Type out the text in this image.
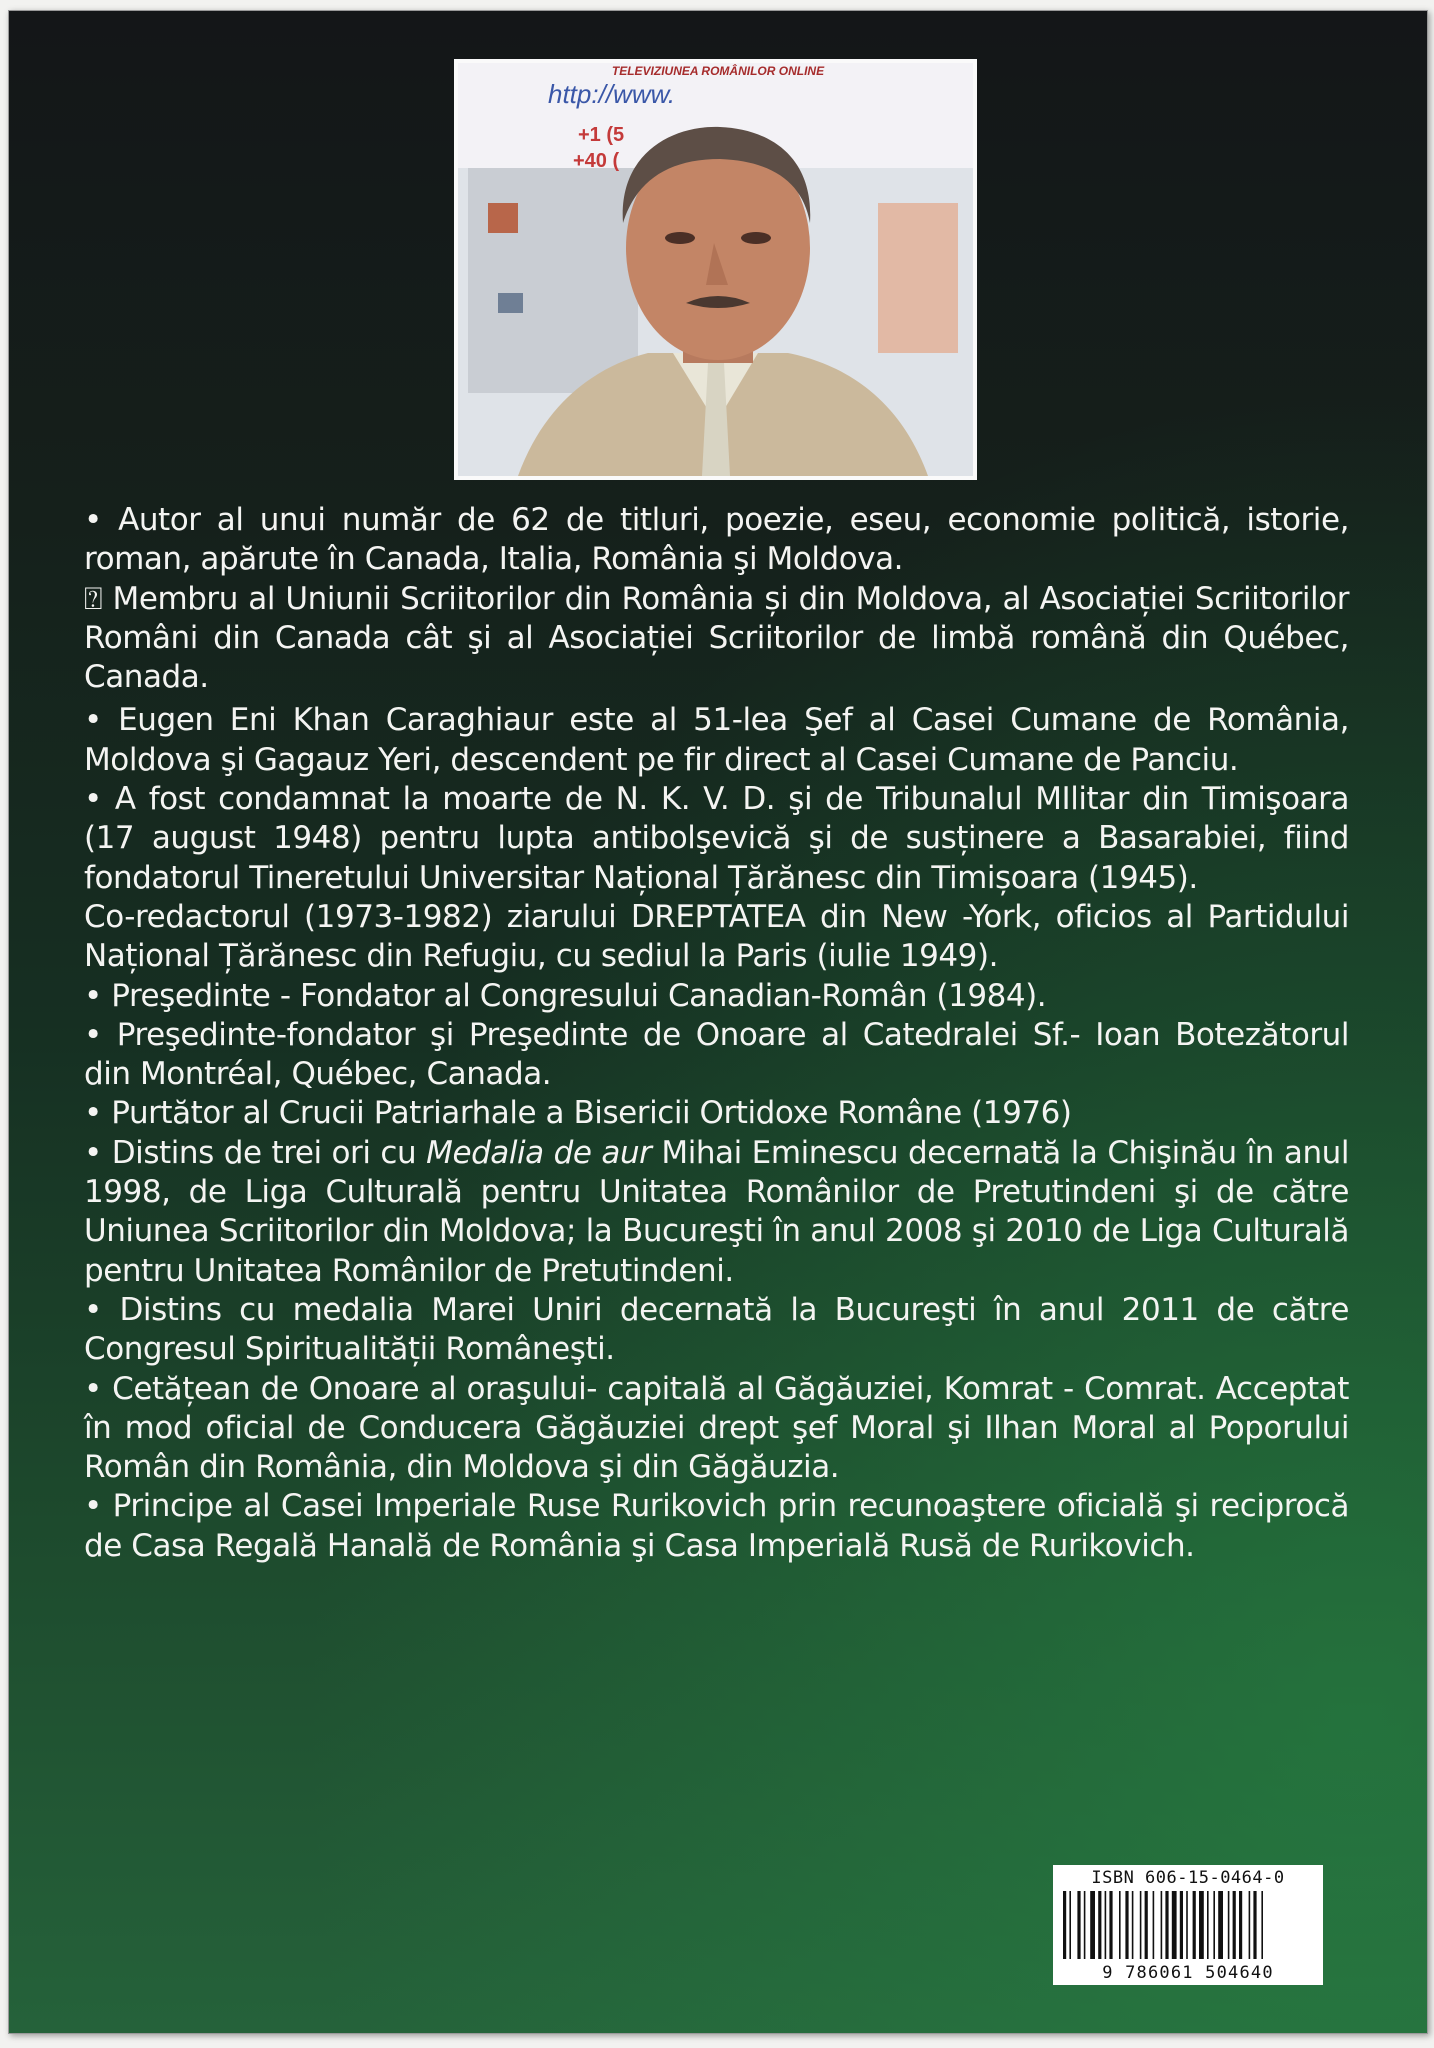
TELEVIZIUNEA ROMÂNILOR ONLINE
http://www.
+1 (5
+40 (

• Autor al unui număr de 62 de titluri, poezie, eseu, economie politică, istorie, roman, apărute în Canada, Italia, România şi Moldova.

⍰ Membru al Uniunii Scriitorilor din România și din Moldova, al Asociației Scriitorilor Români din Canada cât şi al Asociației Scriitorilor de limbă română din Québec, Canada.

• Eugen Eni Khan Caraghiaur este al 51-lea Şef al Casei Cumane de România, Moldova şi Gagauz Yeri, descendent pe fir direct al Casei Cumane de Panciu.

• A fost condamnat la moarte de N. K. V. D. şi de Tribunalul MIlitar din Timişoara (17 august 1948) pentru lupta antibolşevică şi de susținere a Basarabiei, fiind fondatorul Tineretului Universitar Național Țărănesc din Timișoara (1945).

Co-redactorul (1973-1982) ziarului DREPTATEA din New -York, oficios al Partidului Național Țărănesc din Refugiu, cu sediul la Paris (iulie 1949).

• Preşedinte - Fondator al Congresului Canadian-Român (1984).

• Preşedinte-fondator şi Preşedinte de Onoare al Catedralei Sf.- Ioan Botezătorul din Montréal, Québec, Canada.

• Purtător al Crucii Patriarhale a Bisericii Ortidoxe Române (1976)

• Distins de trei ori cu Medalia de aur Mihai Eminescu decernată la Chişinău în anul 1998, de Liga Culturală pentru Unitatea Românilor de Pretutindeni şi de către Uniunea Scriitorilor din Moldova; la Bucureşti în anul 2008 şi 2010 de Liga Culturală pentru Unitatea Românilor de Pretutindeni.

• Distins cu medalia Marei Uniri decernată la Bucureşti în anul 2011 de către Congresul Spiritualității Româneşti.

• Cetățean de Onoare al oraşului- capitală al Găgăuziei, Komrat - Comrat. Acceptat în mod oficial de Conducera Găgăuziei drept şef Moral şi Ilhan Moral al Poporului Român din România, din Moldova şi din Găgăuzia.

• Principe al Casei Imperiale Ruse Rurikovich prin recunoaştere oficială şi reciprocă de Casa Regală Hanală de România şi Casa Imperială Rusă de Rurikovich.

ISBN 606-15-0464-0
9 786061 504640
